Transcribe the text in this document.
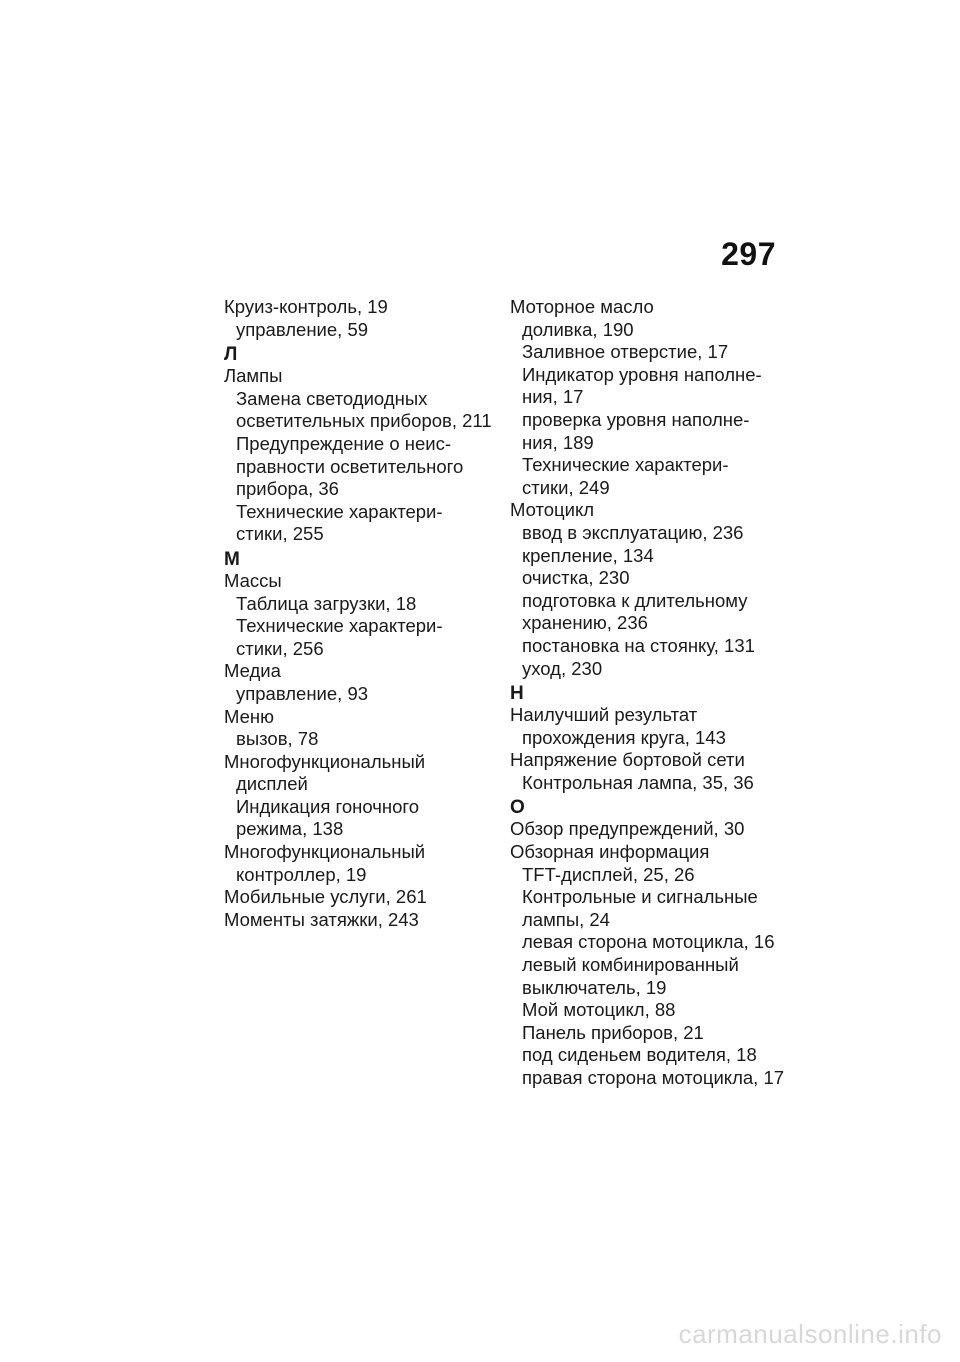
297
Круиз-контроль, 19
управление, 59
Л
Лампы
Замена светодиодных
осветительных приборов, 211
Предупреждение о неис-
правности осветительного
прибора, 36
Технические характери-
стики, 255
М
Массы
Таблица загрузки, 18
Технические характери-
стики, 256
Медиа
управление, 93
Меню
вызов, 78
Многофункциональный
дисплей
Индикация гоночного
режима, 138
Многофункциональный
контроллер, 19
Мобильные услуги, 261
Моменты затяжки, 243
Моторное масло
доливка, 190
Заливное отверстие, 17
Индикатор уровня наполне-
ния, 17
проверка уровня наполне-
ния, 189
Технические характери-
стики, 249
Мотоцикл
ввод в эксплуатацию, 236
крепление, 134
очистка, 230
подготовка к длительному
хранению, 236
постановка на стоянку, 131
уход, 230
Н
Наилучший результат
прохождения круга, 143
Напряжение бортовой сети
Контрольная лампа, 35, 36
О
Обзор предупреждений, 30
Обзорная информация
TFT-дисплей, 25, 26
Контрольные и сигнальные
лампы, 24
левая сторона мотоцикла, 16
левый комбинированный
выключатель, 19
Мой мотоцикл, 88
Панель приборов, 21
под сиденьем водителя, 18
правая сторона мотоцикла, 17
carmanualsonline.info
